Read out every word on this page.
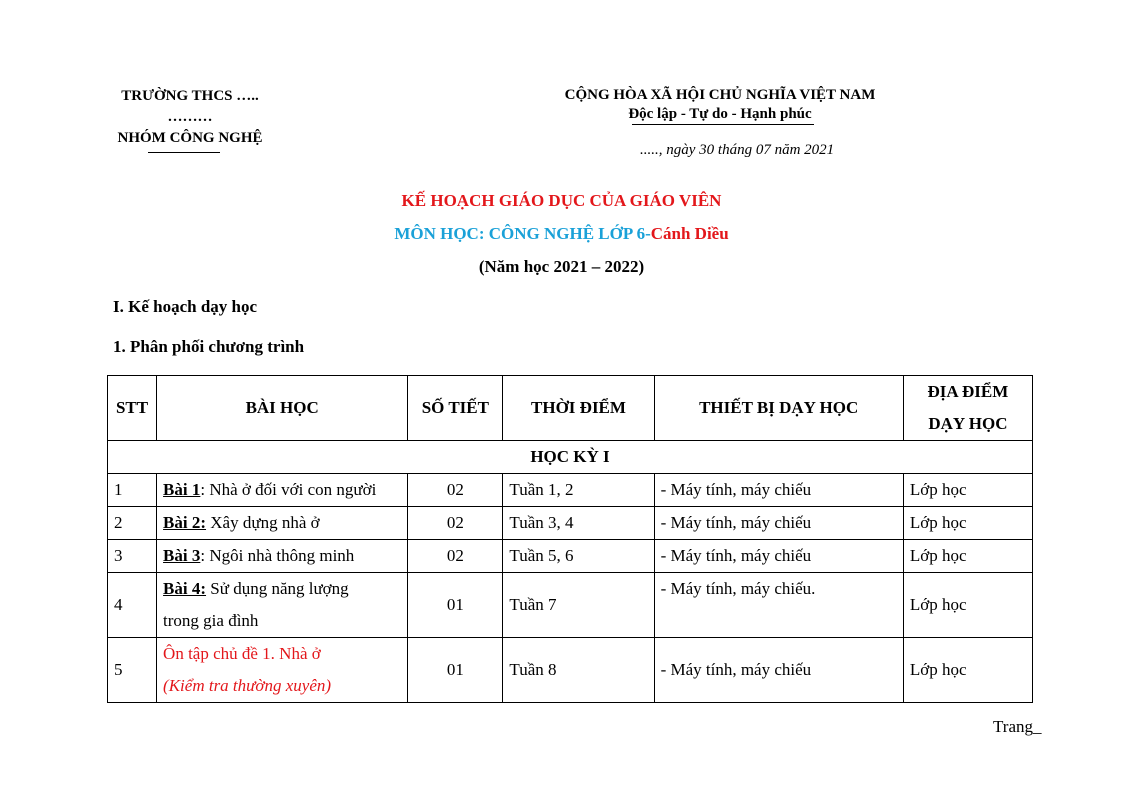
TRƯỜNG THCS …..
………
NHÓM CÔNG NGHỆ
CỘNG HÒA XÃ HỘI CHỦ NGHĨA VIỆT NAM
Độc lập - Tự do - Hạnh phúc
....., ngày 30 tháng 07 năm 2021
KẾ HOẠCH GIÁO DỤC CỦA GIÁO VIÊN
MÔN HỌC: CÔNG NGHỆ LỚP 6-Cánh Diều
(Năm học 2021 – 2022)
I. Kế hoạch dạy học
1. Phân phối chương trình
STT	BÀI HỌC	SỐ TIẾT	THỜI ĐIỂM	THIẾT BỊ DẠY HỌC	ĐỊA ĐIỂM
DẠY HỌC

HỌC KỲ I					
1	Bài 1: Nhà ở đối với con người	02	Tuần 1, 2	- Máy tính, máy chiếu	Lớp học
2	Bài 2: Xây dựng nhà ở	02	Tuần 3, 4	- Máy tính, máy chiếu	Lớp học
3	Bài 3: Ngôi nhà thông minh	02	Tuần 5, 6	- Máy tính, máy chiếu	Lớp học
4	Bài 4: Sử dụng năng lượng
trong gia đình	01	Tuần 7	- Máy tính, máy chiếu.	Lớp học
5	Ôn tập chủ đề 1. Nhà ở
(Kiểm tra thường xuyên)	01	Tuần 8	- Máy tính, máy chiếu	Lớp học
Trang_
